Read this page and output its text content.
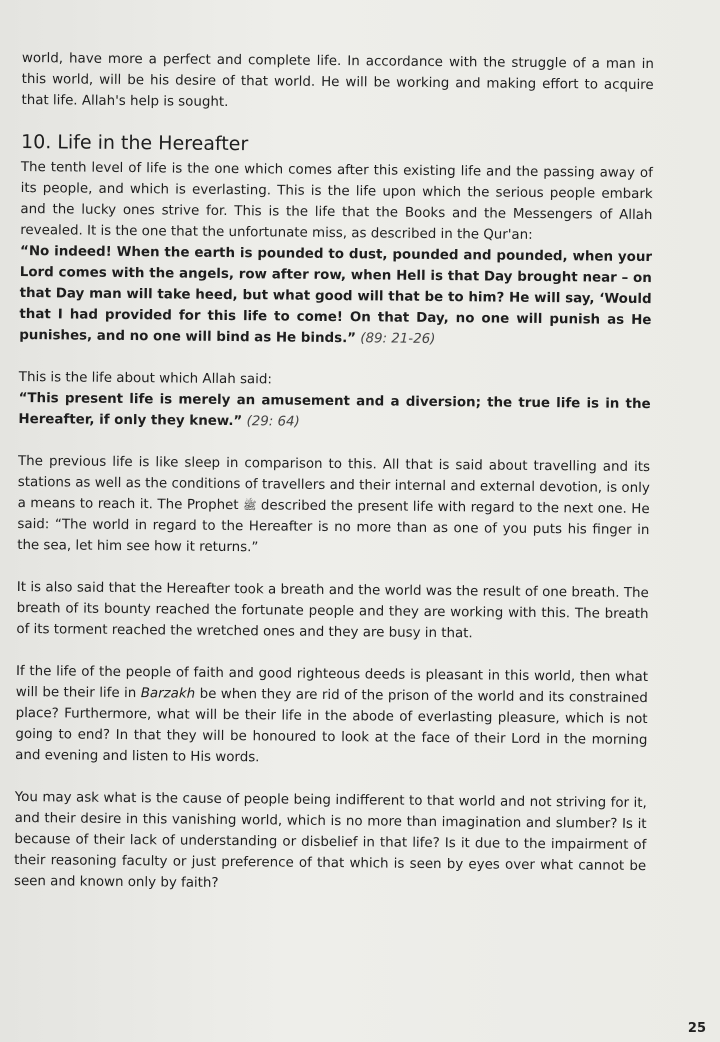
world, have more a perfect and complete life. In accordance with the struggle of a man in this world, will be his desire of that world. He will be working and making effort to acquire that life. Allah's help is sought.

10. Life in the Hereafter

The tenth level of life is the one which comes after this existing life and the passing away of its people, and which is everlasting. This is the life upon which the serious people embark and the lucky ones strive for. This is the life that the Books and the Messengers of Allah revealed. It is the one that the unfortunate miss, as described in the Qur'an:

“No indeed! When the earth is pounded to dust, pounded and pounded, when your Lord comes with the angels, row after row, when Hell is that Day brought near – on that Day man will take heed, but what good will that be to him? He will say, ‘Would that I had provided for this life to come! On that Day, no one will punish as He punishes, and no one will bind as He binds.” (89: 21-26)

This is the life about which Allah said:

“This present life is merely an amusement and a diversion; the true life is in the Hereafter, if only they knew.” (29: 64)

The previous life is like sleep in comparison to this. All that is said about travelling and its stations as well as the conditions of travellers and their internal and external devotion, is only a means to reach it. The Prophet ﷺ described the present life with regard to the next one. He said: “The world in regard to the Hereafter is no more than as one of you puts his finger in the sea, let him see how it returns.”

It is also said that the Hereafter took a breath and the world was the result of one breath. The breath of its bounty reached the fortunate people and they are working with this. The breath of its torment reached the wretched ones and they are busy in that.

If the life of the people of faith and good righteous deeds is pleasant in this world, then what will be their life in Barzakh be when they are rid of the prison of the world and its constrained place? Furthermore, what will be their life in the abode of everlasting pleasure, which is not going to end? In that they will be honoured to look at the face of their Lord in the morning and evening and listen to His words.

You may ask what is the cause of people being indifferent to that world and not striving for it, and their desire in this vanishing world, which is no more than imagination and slumber? Is it because of their lack of understanding or disbelief in that life? Is it due to the impairment of their reasoning faculty or just preference of that which is seen by eyes over what cannot be seen and known only by faith?

25
